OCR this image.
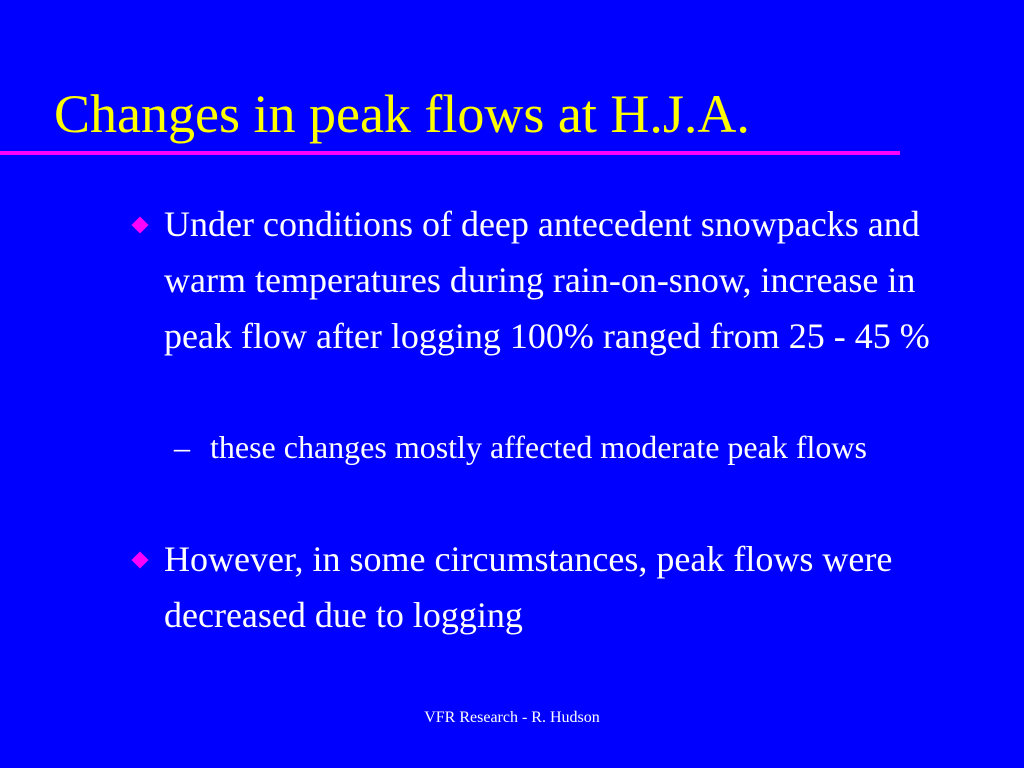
Changes in peak flows at H.J.A.
Under conditions of deep antecedent snowpacks and warm temperatures during rain-on-snow, increase in peak flow after logging 100% ranged from 25 - 45 %
– these changes mostly affected moderate peak flows
However, in some circumstances, peak flows were decreased due to logging
VFR Research - R. Hudson
